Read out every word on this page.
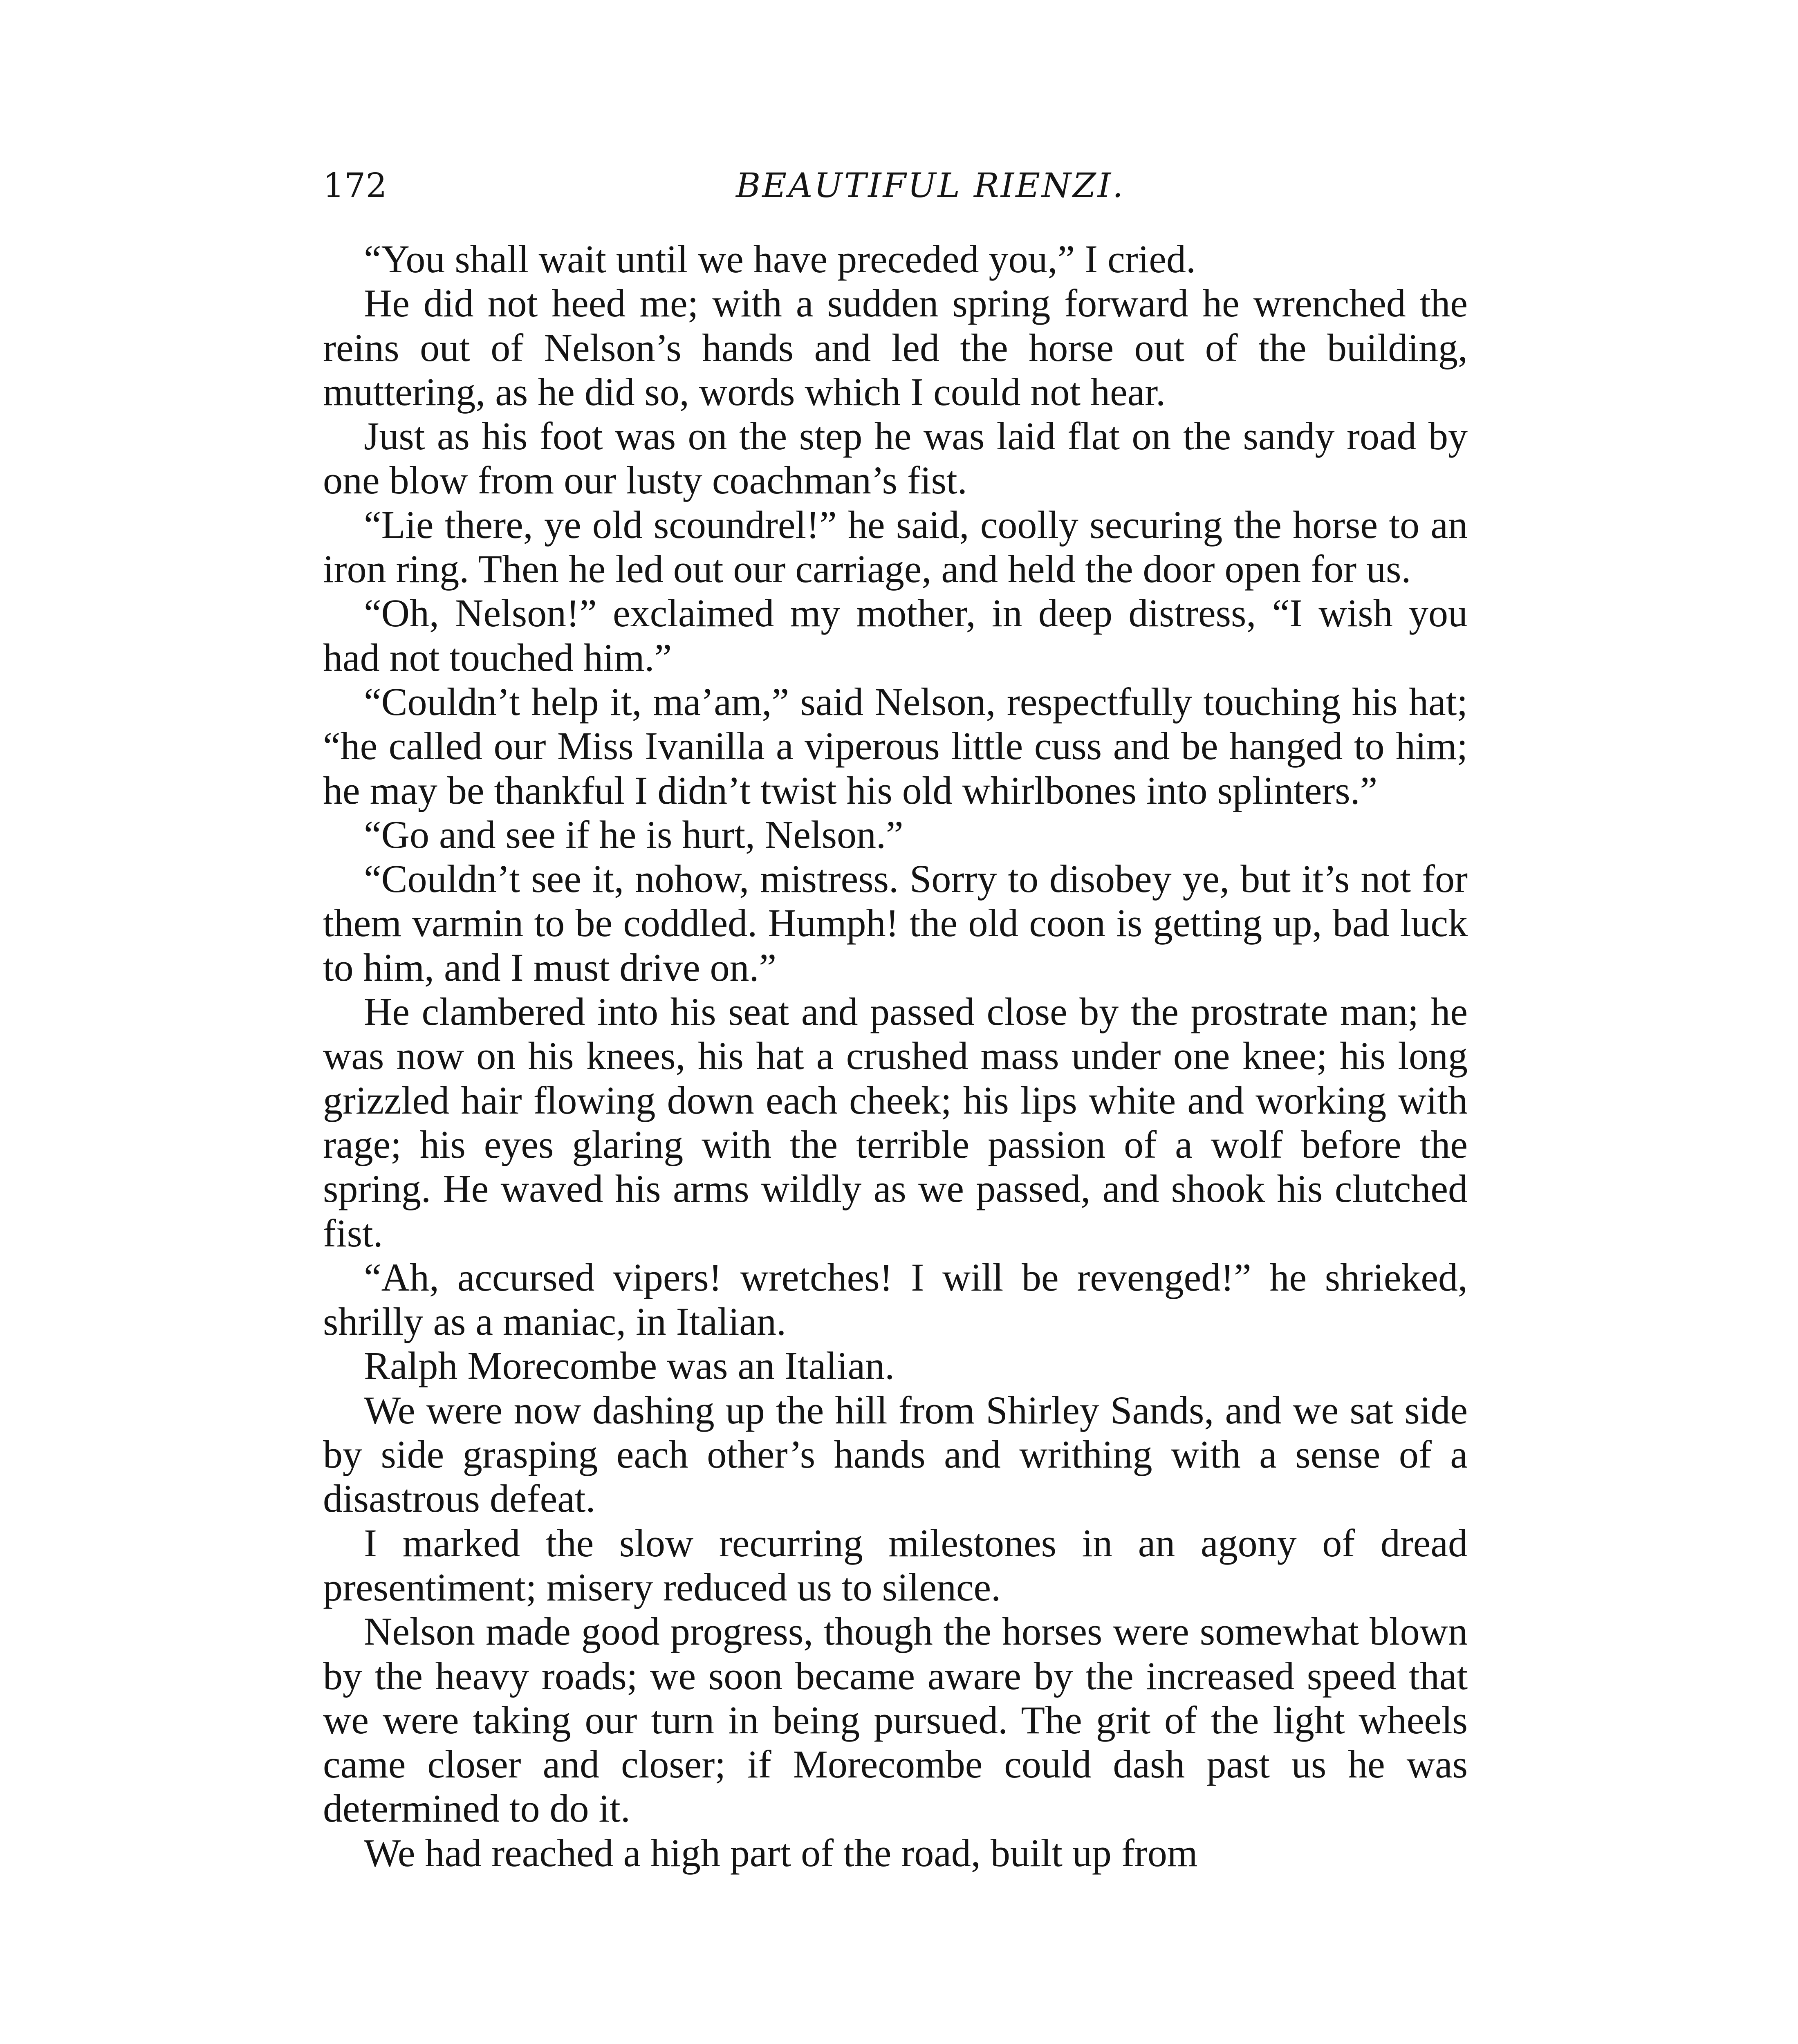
172	BEAUTIFUL RIENZI.

“You shall wait until we have preceded you,” I cried.

He did not heed me; with a sudden spring forward he wrenched the reins out of Nelson’s hands and led the horse out of the building, muttering, as he did so, words which I could not hear.

Just as his foot was on the step he was laid flat on the sandy road by one blow from our lusty coachman’s fist.

“Lie there, ye old scoundrel!” he said, coolly securing the horse to an iron ring. Then he led out our carriage, and held the door open for us.

“Oh, Nelson!” exclaimed my mother, in deep distress, “I wish you had not touched him.”

“Couldn’t help it, ma’am,” said Nelson, respectfully touching his hat; “he called our Miss Ivanilla a viperous little cuss and be hanged to him; he may be thankful I didn’t twist his old whirlbones into splinters.”

“Go and see if he is hurt, Nelson.”

“Couldn’t see it, nohow, mistress. Sorry to disobey ye, but it’s not for them varmin to be coddled. Humph! the old coon is getting up, bad luck to him, and I must drive on.”

He clambered into his seat and passed close by the prostrate man; he was now on his knees, his hat a crushed mass under one knee; his long grizzled hair flowing down each cheek; his lips white and working with rage; his eyes glaring with the terrible passion of a wolf before the spring. He waved his arms wildly as we passed, and shook his clutched fist.

“Ah, accursed vipers! wretches! I will be revenged!” he shrieked, shrilly as a maniac, in Italian.

Ralph Morecombe was an Italian.

We were now dashing up the hill from Shirley Sands, and we sat side by side grasping each other’s hands and writhing with a sense of a disastrous defeat.

I marked the slow recurring milestones in an agony of dread presentiment; misery reduced us to silence.

Nelson made good progress, though the horses were somewhat blown by the heavy roads; we soon became aware by the increased speed that we were taking our turn in being pursued. The grit of the light wheels came closer and closer; if Morecombe could dash past us he was determined to do it.

We had reached a high part of the road, built up from
